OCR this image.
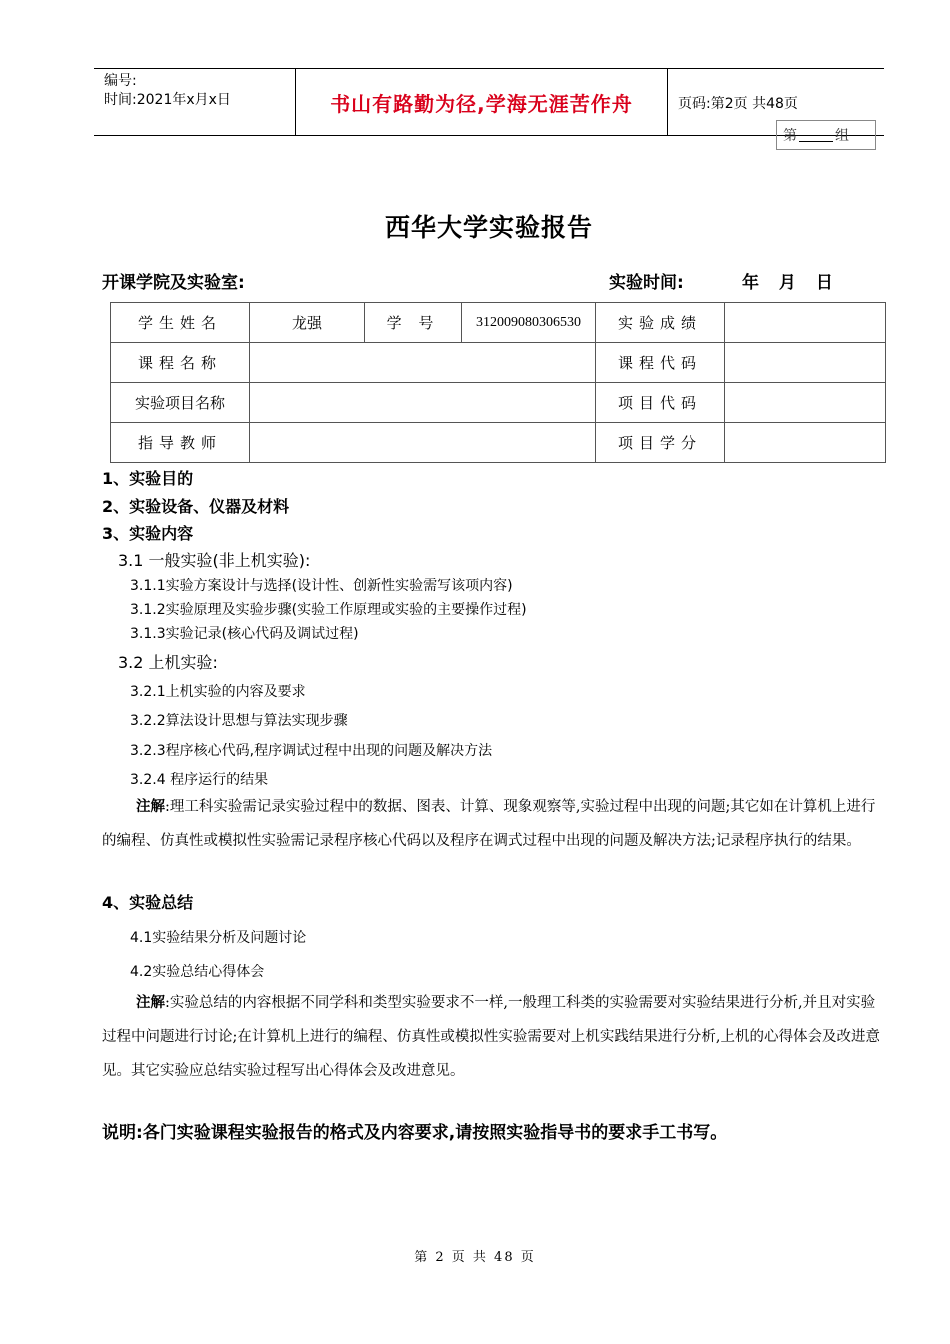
编号:
时间:2021年x月x日	书山有路勤为径,学海无涯苦作舟	页码:第2页 共48页
第	组
西华大学实验报告
开课学院及实验室:	实验时间:	年 月 日
学生姓名	龙强	学 号	312009080306530	实验成绩	
课程名称				课程代码	
实验项目名称				项目代码	
指导教师				项目学分	
1、实验目的
2、实验设备、仪器及材料
3、实验内容
3.1 一般实验(非上机实验):
3.1.1实验方案设计与选择(设计性、创新性实验需写该项内容)
3.1.2实验原理及实验步骤(实验工作原理或实验的主要操作过程)
3.1.3实验记录(核心代码及调试过程)
3.2 上机实验:
3.2.1上机实验的内容及要求
3.2.2算法设计思想与算法实现步骤
3.2.3程序核心代码,程序调试过程中出现的问题及解决方法
3.2.4 程序运行的结果
注解:理工科实验需记录实验过程中的数据、图表、计算、现象观察等,实验过程中出现的问题;其它如在计算机上进行的编程、仿真性或模拟性实验需记录程序核心代码以及程序在调式过程中出现的问题及解决方法;记录程序执行的结果。
4、实验总结
4.1实验结果分析及问题讨论
4.2实验总结心得体会
注解:实验总结的内容根据不同学科和类型实验要求不一样,一般理工科类的实验需要对实验结果进行分析,并且对实验过程中问题进行讨论;在计算机上进行的编程、仿真性或模拟性实验需要对上机实践结果进行分析,上机的心得体会及改进意见。其它实验应总结实验过程写出心得体会及改进意见。
说明:各门实验课程实验报告的格式及内容要求,请按照实验指导书的要求手工书写。
第 2 页 共 48 页
